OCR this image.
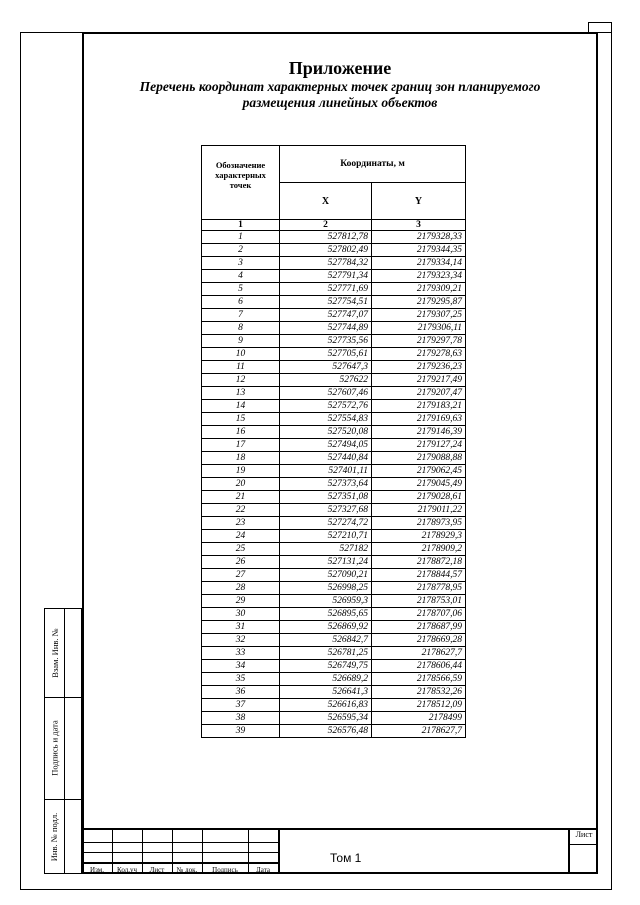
Приложение
Перечень координат характерных точек границ зон планируемого
размещения линейных объектов
Обозначение
характерных
точек	Координаты, м	
	X	Y
1	2	3
1	527812,78	2179328,33
2	527802,49	2179344,35
3	527784,32	2179334,14
4	527791,34	2179323,34
5	527771,69	2179309,21
6	527754,51	2179295,87
7	527747,07	2179307,25
8	527744,89	2179306,11
9	527735,56	2179297,78
10	527705,61	2179278,63
11	527647,3	2179236,23
12	527622	2179217,49
13	527607,46	2179207,47
14	527572,76	2179183,21
15	527554,83	2179169,63
16	527520,08	2179146,39
17	527494,05	2179127,24
18	527440,84	2179088,88
19	527401,11	2179062,45
20	527373,64	2179045,49
21	527351,08	2179028,61
22	527327,68	2179011,22
23	527274,72	2178973,95
24	527210,71	2178929,3
25	527182	2178909,2
26	527131,24	2178872,18
27	527090,21	2178844,57
28	526998,25	2178778,95
29	526959,3	2178753,01
30	526895,65	2178707,06
31	526869,92	2178687,99
32	526842,7	2178669,28
33	526781,25	2178627,7
34	526749,75	2178606,44
35	526689,2	2178566,59
36	526641,3	2178532,26
37	526616,83	2178512,09
38	526595,34	2178499
39	526576,48	2178627,7
Взам. Инв. №
Подпись и дата
Инв. № подл.
Изм.	Кол.уч	Лист	№ док.	Подпись	Дата
Том 1
Лист
